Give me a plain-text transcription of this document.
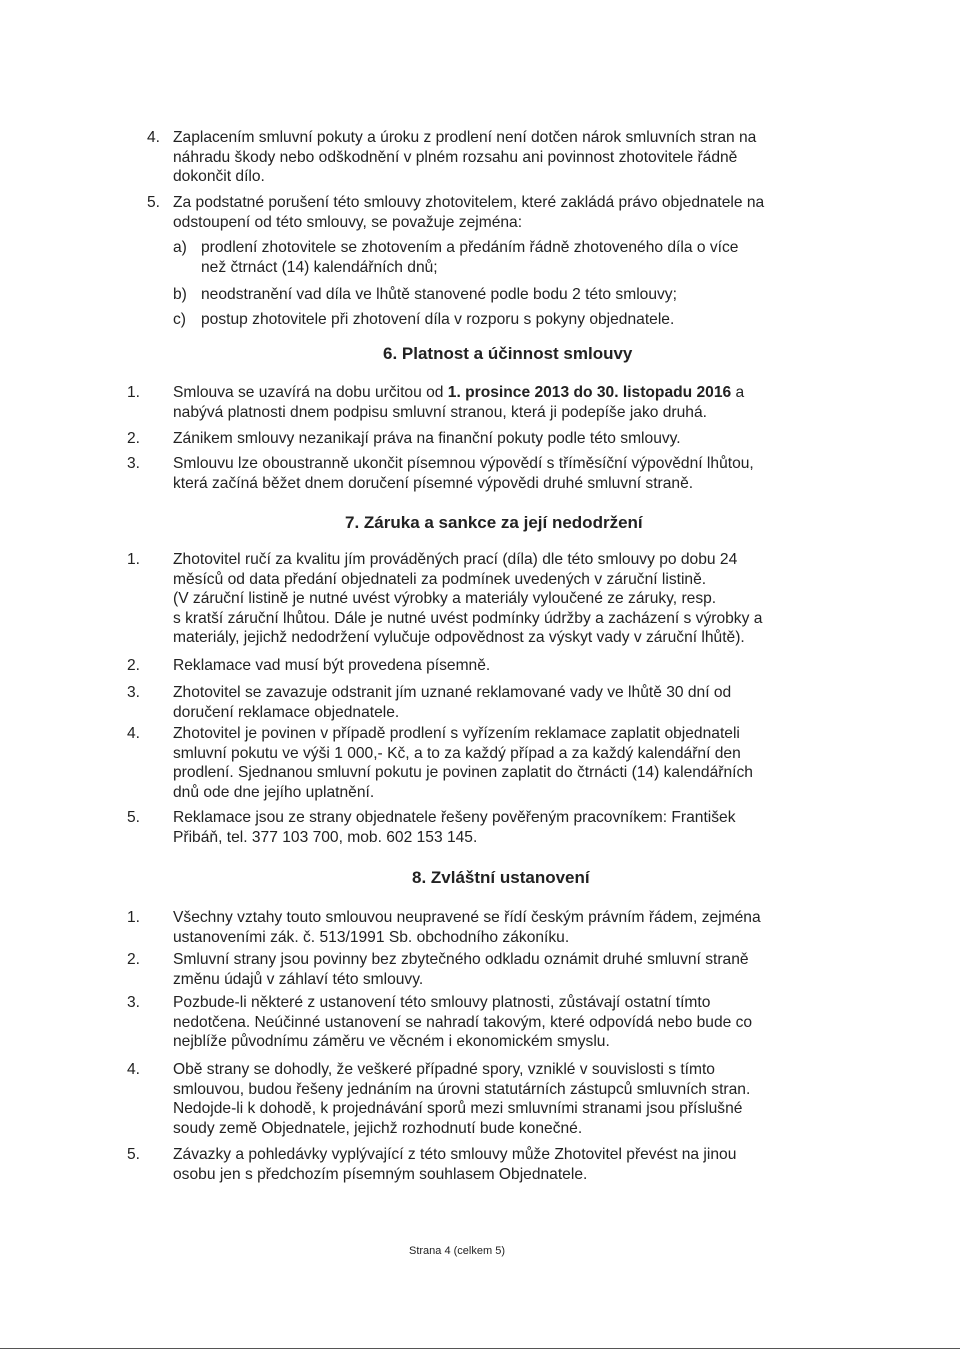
4. Zaplacením smluvní pokuty a úroku z prodlení není dotčen nárok smluvních stran na
náhradu škody nebo odškodnění v plném rozsahu ani povinnost zhotovitele řádně
dokončit dílo.
5. Za podstatné porušení této smlouvy zhotovitelem, které zakládá právo objednatele na
odstoupení od této smlouvy, se považuje zejména:
a) prodlení zhotovitele se zhotovením a předáním řádně zhotoveného díla o více
než čtrnáct (14) kalendářních dnů;
b) neodstranění vad díla ve lhůtě stanovené podle bodu 2 této smlouvy;
c) postup zhotovitele při zhotovení díla v rozporu s pokyny objednatele.
6. Platnost a účinnost smlouvy
1. Smlouva se uzavírá na dobu určitou od 1. prosince 2013 do 30. listopadu 2016 a
nabývá platnosti dnem podpisu smluvní stranou, která ji podepíše jako druhá.
2. Zánikem smlouvy nezanikají práva na finanční pokuty podle této smlouvy.
3. Smlouvu lze oboustranně ukončit písemnou výpovědí s tříměsíční výpovědní lhůtou,
která začíná běžet dnem doručení písemné výpovědi druhé smluvní straně.
7. Záruka a sankce za její nedodržení
1. Zhotovitel ručí za kvalitu jím prováděných prací (díla) dle této smlouvy po dobu 24
měsíců od data předání objednateli za podmínek uvedených v záruční listině.
(V záruční listině je nutné uvést výrobky a materiály vyloučené ze záruky, resp.
s kratší záruční lhůtou. Dále je nutné uvést podmínky údržby a zacházení s výrobky a
materiály, jejichž nedodržení vylučuje odpovědnost za výskyt vady v záruční lhůtě).
2. Reklamace vad musí být provedena písemně.
3. Zhotovitel se zavazuje odstranit jím uznané reklamované vady ve lhůtě 30 dní od
doručení reklamace objednatele.
4. Zhotovitel je povinen v případě prodlení s vyřízením reklamace zaplatit objednateli
smluvní pokutu ve výši 1 000,- Kč, a to za každý případ a za každý kalendářní den
prodlení. Sjednanou smluvní pokutu je povinen zaplatit do čtrnácti (14) kalendářních
dnů ode dne jejího uplatnění.
5. Reklamace jsou ze strany objednatele řešeny pověřeným pracovníkem: František
Přibáň, tel. 377 103 700, mob. 602 153 145.
8. Zvláštní ustanovení
1. Všechny vztahy touto smlouvou neupravené se řídí českým právním řádem, zejména
ustanoveními zák. č. 513/1991 Sb. obchodního zákoníku.
2. Smluvní strany jsou povinny bez zbytečného odkladu oznámit druhé smluvní straně
změnu údajů v záhlaví této smlouvy.
3. Pozbude-li některé z ustanovení této smlouvy platnosti, zůstávají ostatní tímto
nedotčena. Neúčinné ustanovení se nahradí takovým, které odpovídá nebo bude co
nejblíže původnímu záměru ve věcném i ekonomickém smyslu.
4. Obě strany se dohodly, že veškeré případné spory, vzniklé v souvislosti s tímto
smlouvou, budou řešeny jednáním na úrovni statutárních zástupců smluvních stran.
Nedojde-li k dohodě, k projednávání sporů mezi smluvními stranami jsou příslušné
soudy země Objednatele, jejichž rozhodnutí bude konečné.
5. Závazky a pohledávky vyplývající z této smlouvy může Zhotovitel převést na jinou
osobu jen s předchozím písemným souhlasem Objednatele.
Strana 4 (celkem 5)
